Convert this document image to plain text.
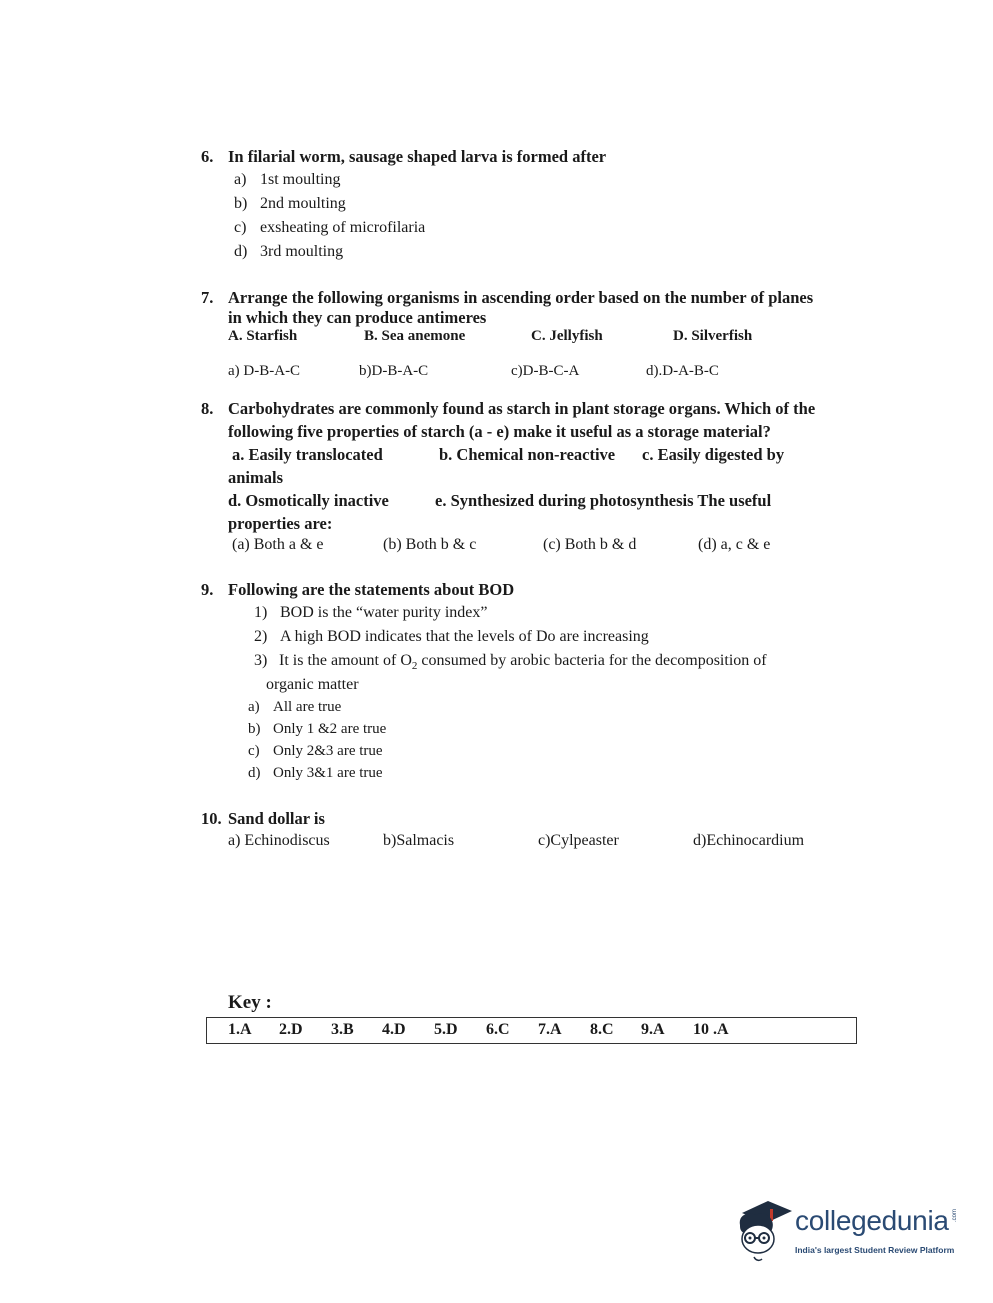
6. In filarial worm, sausage shaped larva is formed after
a) 1st moulting
b) 2nd moulting
c) exsheating of microfilaria
d) 3rd moulting
7. Arrange the following organisms in ascending order based on the number of planes
in which they can produce antimeres
A. Starfish	B. Sea anemone	C. Jellyfish	D. Silverfish
a) D-B-A-C	b)D-B-A-C	c)D-B-C-A	d).D-A-B-C
8. Carbohydrates are commonly found as starch in plant storage organs. Which of the
following five properties of starch (a - e) make it useful as a storage material?
a. Easily translocated	b. Chemical non-reactive c. Easily digested by
animals
d. Osmotically inactive	e. Synthesized during photosynthesis The useful
properties are:
(a) Both a & e	(b) Both b & c	(c) Both b & d	(d) a, c & e
9. Following are the statements about BOD
1) BOD is the “water purity index”
2) A high BOD indicates that the levels of Do are increasing
3) It is the amount of $O_2$ consumed by arobic bacteria for the decomposition of
organic matter
a) All are true
b) Only 1 &2 are true
c) Only 2&3 are true
d) Only 3&1 are true
10. Sand dollar is
a) Echinodiscus	b)Salmacis	c)Cylpeaster	d)Echinocardium
Key :
1.A 2.D 3.B 4.D 5.D 6.C 7.A 8.C 9.A 10 .A
collegedunia .com
India's largest Student Review Platform
